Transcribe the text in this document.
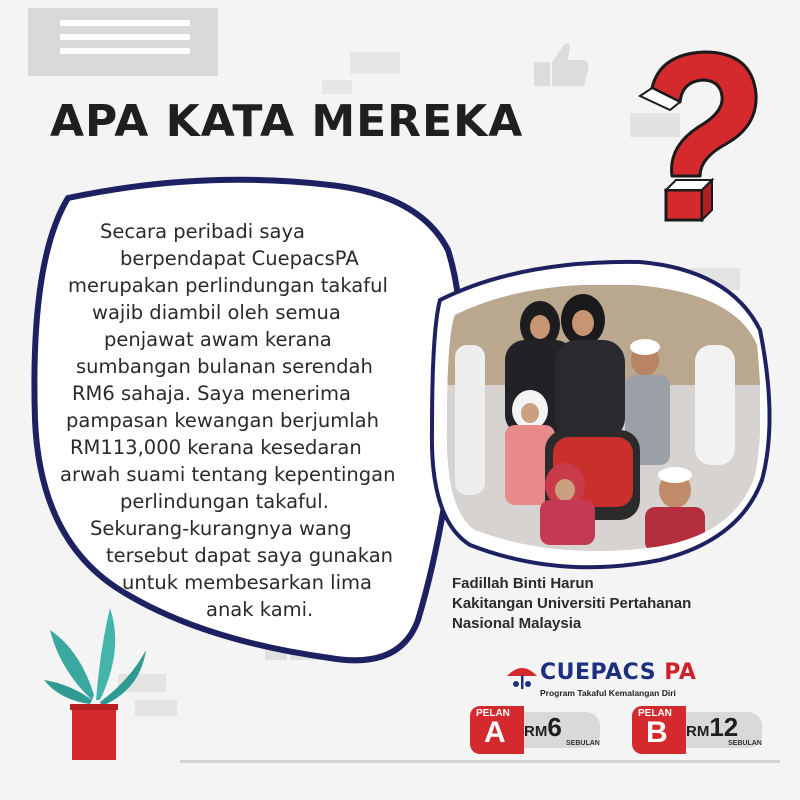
APA KATA MEREKA
Secara peribadi saya
berpendapat CuepacsPA
merupakan perlindungan takaful
wajib diambil oleh semua
penjawat awam kerana
sumbangan bulanan serendah
RM6 sahaja. Saya menerima
pampasan kewangan berjumlah
RM113,000 kerana kesedaran
arwah suami tentang kepentingan
perlindungan takaful.
Sekurang-kurangnya wang
tersebut dapat saya gunakan
untuk membesarkan lima
anak kami.
Fadillah Binti Harun
Kakitangan Universiti Pertahanan
Nasional Malaysia
CUEPACS PA
Program Takaful Kemalangan Diri
PELAN
A RM6
SEBULAN
PELAN
B RM12
SEBULAN
